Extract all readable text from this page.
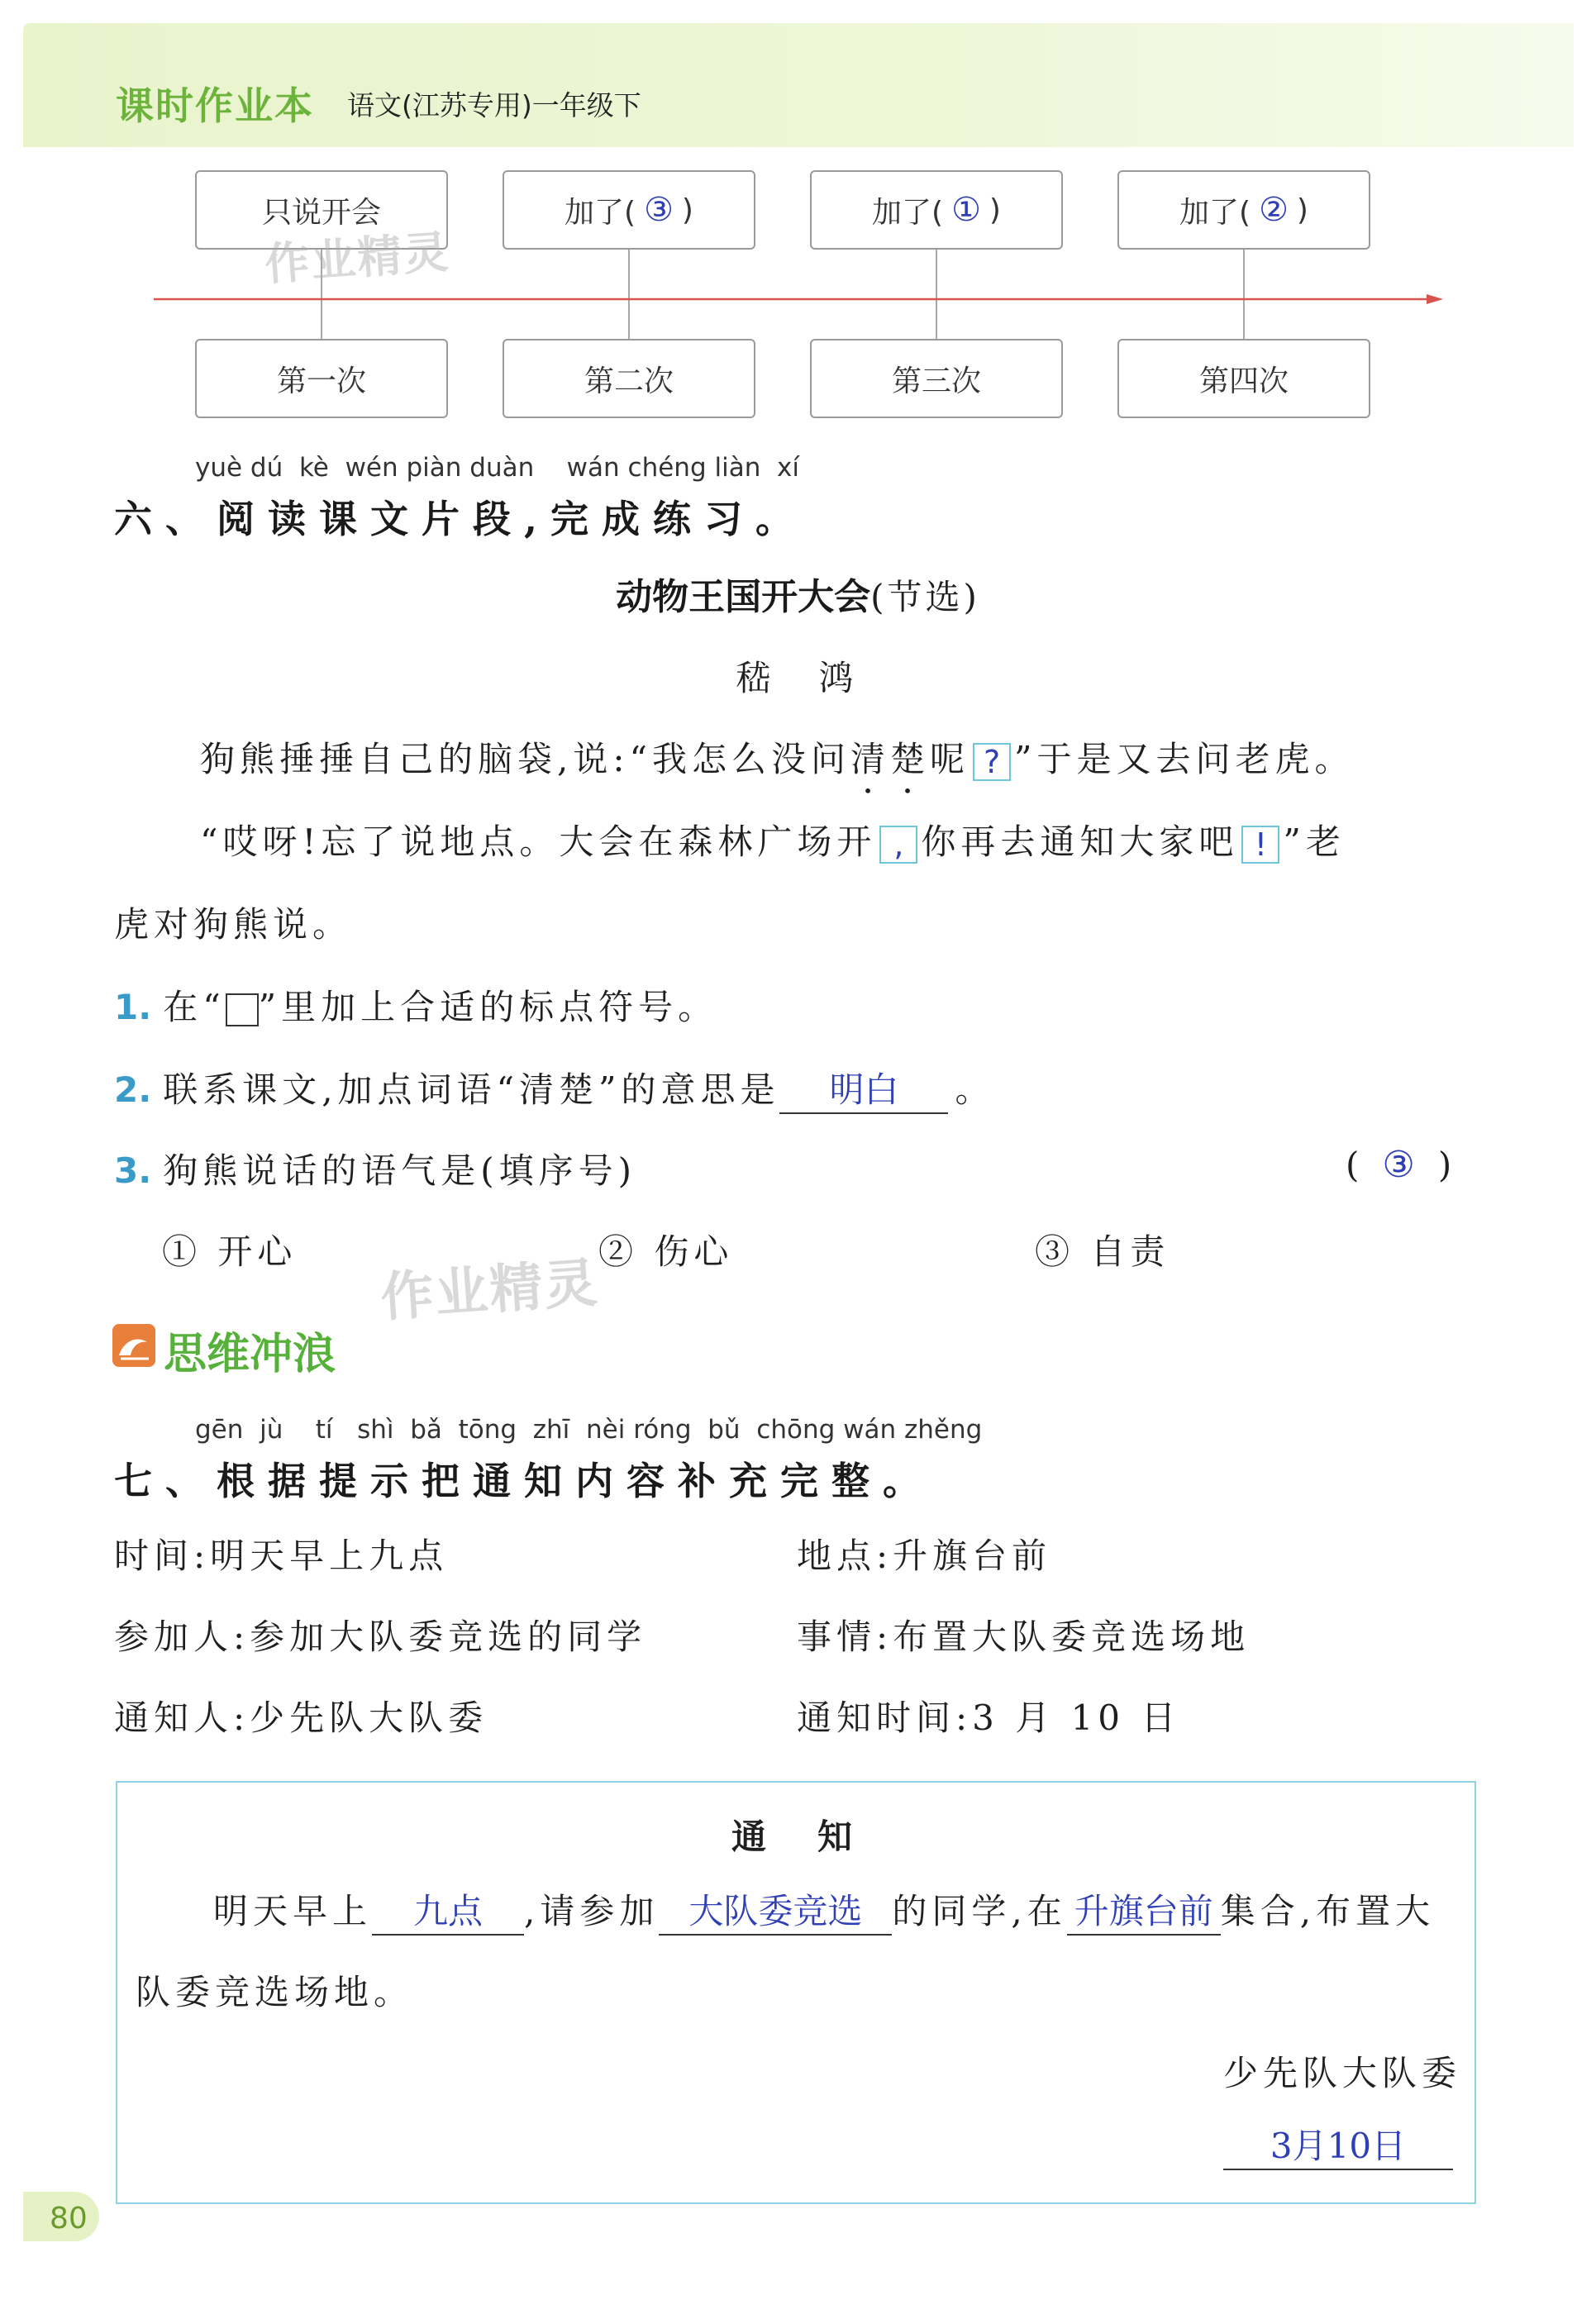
课时作业本 语文(江苏专用)一年级下
只说开会	加了( ③ )	加了( ① )	加了( ② )
第一次	第二次	第三次	第四次
作业精灵
yuè dú  kè  wén piàn duàn    wán chéng liàn  xí
六、阅读课文片段,完成练习。
动物王国开大会(节选)
嵇　鸿
狗熊捶捶自己的脑袋,说:“我怎么没问清楚呢 ? ”于是又去问老虎。
“哎呀!忘了说地点。大会在森林广场开 , 你再去通知大家吧 ! ”老
虎对狗熊说。
1. 在“ ”里加上合适的标点符号。
2. 联系课文,加点词语“清楚”的意思是 明白 。
3. 狗熊说话的语气是(填序号)	( ③ )
① 开心	② 伤心	③ 自责
作业精灵
思维冲浪
gēn  jù    tí   shì  bǎ  tōng  zhī  nèi róng  bǔ  chōng wán zhěng
七、根据提示把通知内容补充完整。
时间:明天早上九点	地点:升旗台前
参加人:参加大队委竞选的同学	事情:布置大队委竞选场地
通知人:少先队大队委	通知时间:3 月 10 日
通　知
明天早上 九点 ,请参加 大队委竞选 的同学,在 升旗台前 集合,布置大
队委竞选场地。
少先队大队委
3月10日
80
